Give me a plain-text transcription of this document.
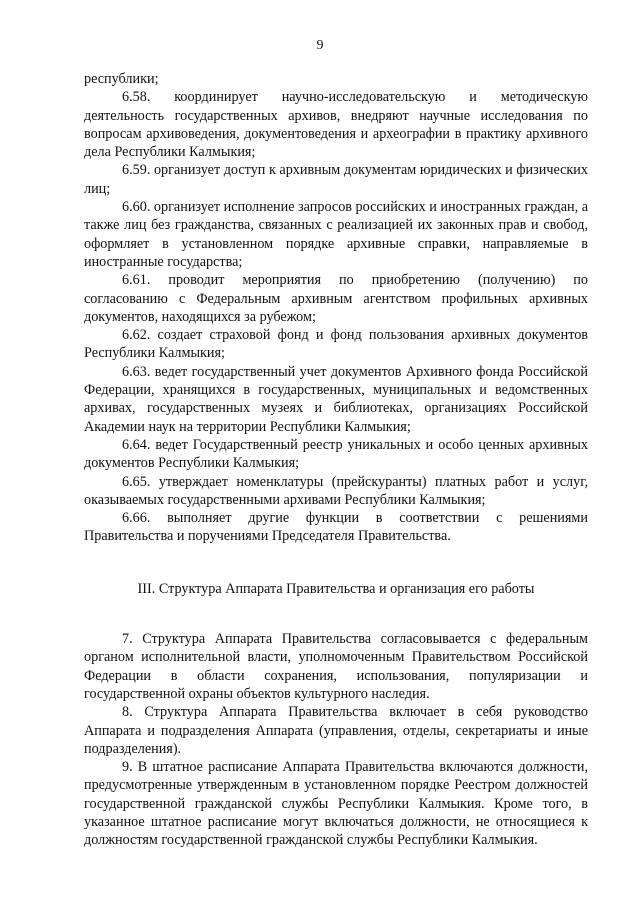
9

республики;

6.58. координирует научно-исследовательскую и методическую деятельность государственных архивов, внедряют научные исследования по вопросам архивоведения, документоведения и археографии в практику архивного дела Республики Калмыкия;

6.59. организует доступ к архивным документам юридических и физических лиц;

6.60. организует исполнение запросов российских и иностранных граждан, а также лиц без гражданства, связанных с реализацией их законных прав и свобод, оформляет в установленном порядке архивные справки, направляемые в иностранные государства;

6.61. проводит мероприятия по приобретению (получению) по согласованию с Федеральным архивным агентством профильных архивных документов, находящихся за рубежом;

6.62. создает страховой фонд и фонд пользования архивных документов Республики Калмыкия;

6.63. ведет государственный учет документов Архивного фонда Российской Федерации, хранящихся в государственных, муниципальных и ведомственных архивах, государственных музеях и библиотеках, организациях Российской Академии наук на территории Республики Калмыкия;

6.64. ведет Государственный реестр уникальных и особо ценных архивных документов Республики Калмыкия;

6.65. утверждает номенклатуры (прейскуранты) платных работ и услуг, оказываемых государственными архивами Республики Калмыкия;

6.66. выполняет другие функции в соответствии с решениями Правительства и поручениями Председателя Правительства.

III. Структура Аппарата Правительства и организация его работы

7. Структура Аппарата Правительства согласовывается с федеральным органом исполнительной власти, уполномоченным Правительством Российской Федерации в области сохранения, использования, популяризации и государственной охраны объектов культурного наследия.

8. Структура Аппарата Правительства включает в себя руководство Аппарата и подразделения Аппарата (управления, отделы, секретариаты и иные подразделения).

9. В штатное расписание Аппарата Правительства включаются должности, предусмотренные утвержденным в установленном порядке Реестром должностей государственной гражданской службы Республики Калмыкия. Кроме того, в указанное штатное расписание могут включаться должности, не относящиеся к должностям государственной гражданской службы Республики Калмыкия.
